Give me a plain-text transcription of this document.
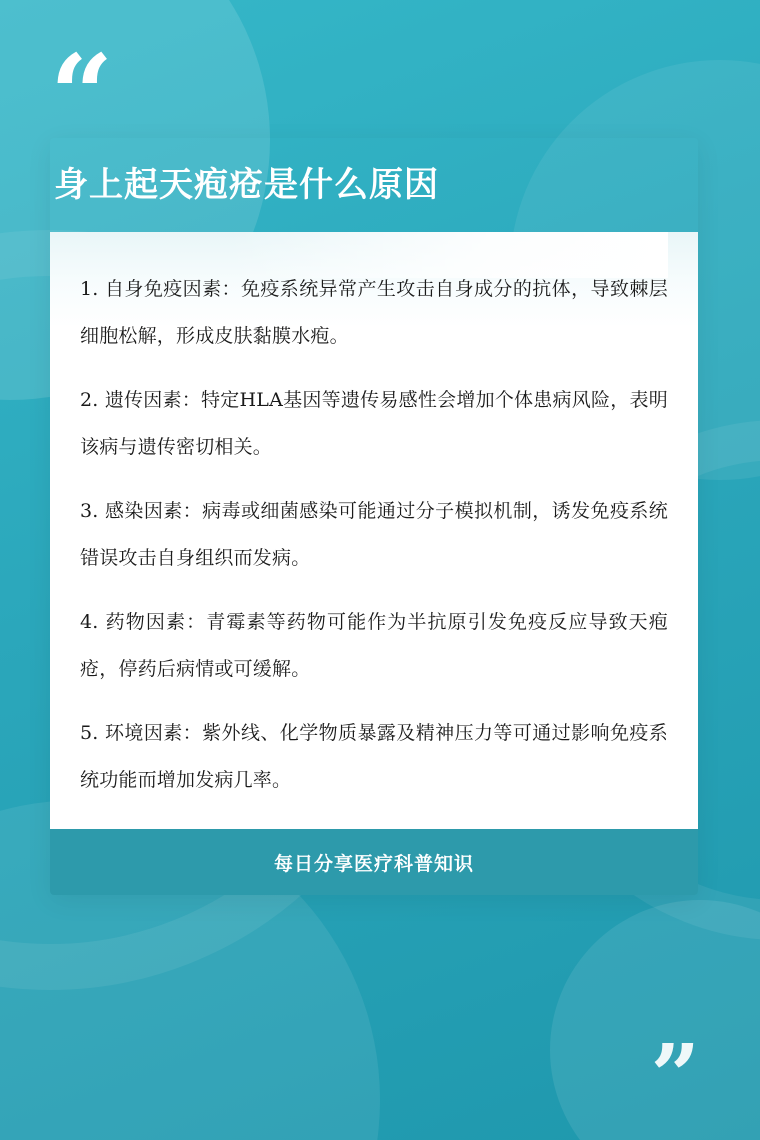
“
身上起天疱疮是什么原因

1. 自身免疫因素：免疫系统异常产生攻击自身成分的抗体，导致棘层细胞松解，形成皮肤黏膜水疱。

2. 遗传因素：特定HLA基因等遗传易感性会增加个体患病风险，表明该病与遗传密切相关。

3. 感染因素：病毒或细菌感染可能通过分子模拟机制，诱发免疫系统错误攻击自身组织而发病。

4. 药物因素：青霉素等药物可能作为半抗原引发免疫反应导致天疱疮，停药后病情或可缓解。

5. 环境因素：紫外线、化学物质暴露及精神压力等可通过影响免疫系统功能而增加发病几率。

每日分享医疗科普知识
”
